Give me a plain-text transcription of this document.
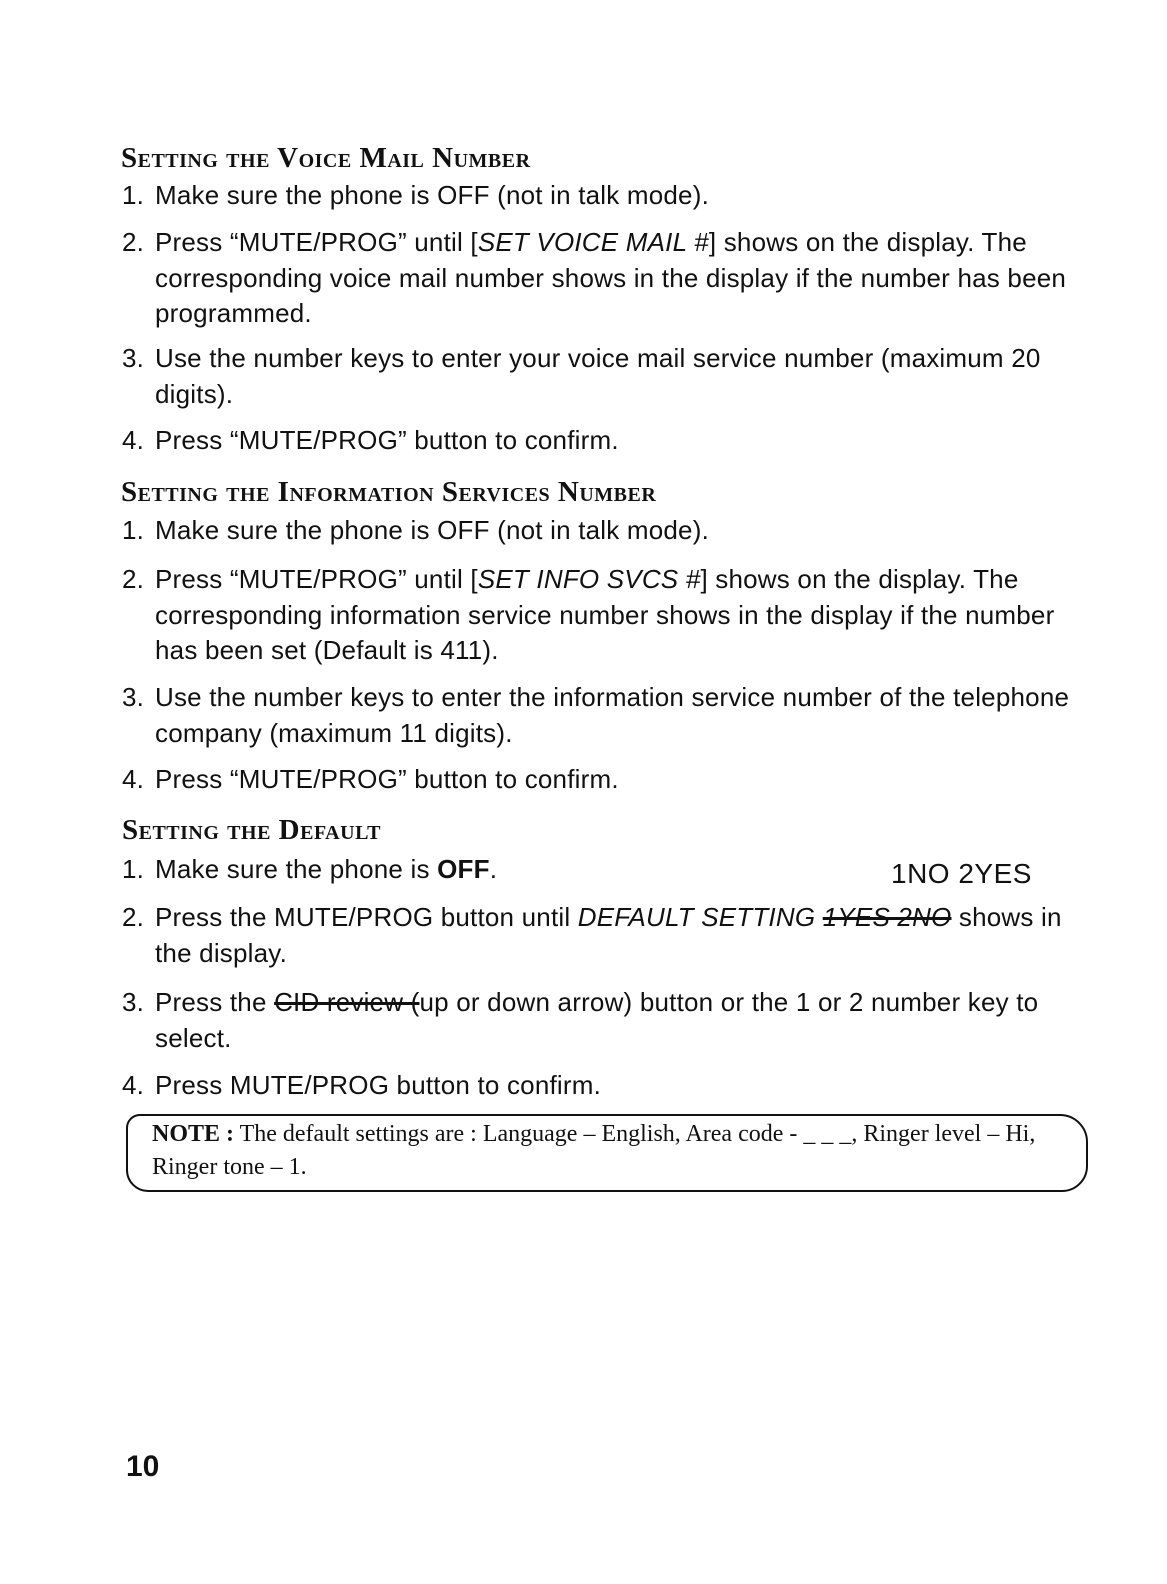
Setting the Voice Mail Number
1. Make sure the phone is OFF (not in talk mode).
2. Press “MUTE/PROG” until [SET VOICE MAIL #] shows on the display. The corresponding voice mail number shows in the display if the number has been programmed.
3. Use the number keys to enter your voice mail service number (maximum 20 digits).
4. Press “MUTE/PROG” button to confirm.
Setting the Information Services Number
1. Make sure the phone is OFF (not in talk mode).
2. Press “MUTE/PROG” until [SET INFO SVCS #] shows on the display. The corresponding information service number shows in the display if the number has been set (Default is 411).
3. Use the number keys to enter the information service number of the telephone company (maximum 11 digits).
4. Press “MUTE/PROG” button to confirm.
Setting the Default
1. Make sure the phone is OFF.	1NO 2YES
2. Press the MUTE/PROG button until DEFAULT SETTING 1YES 2NO shows in the display.
3. Press the CID review (up or down arrow) button or the 1 or 2 number key to select.
4. Press MUTE/PROG button to confirm.
NOTE : The default settings are : Language – English, Area code - _ _ _, Ringer level – Hi, Ringer tone – 1.
10
